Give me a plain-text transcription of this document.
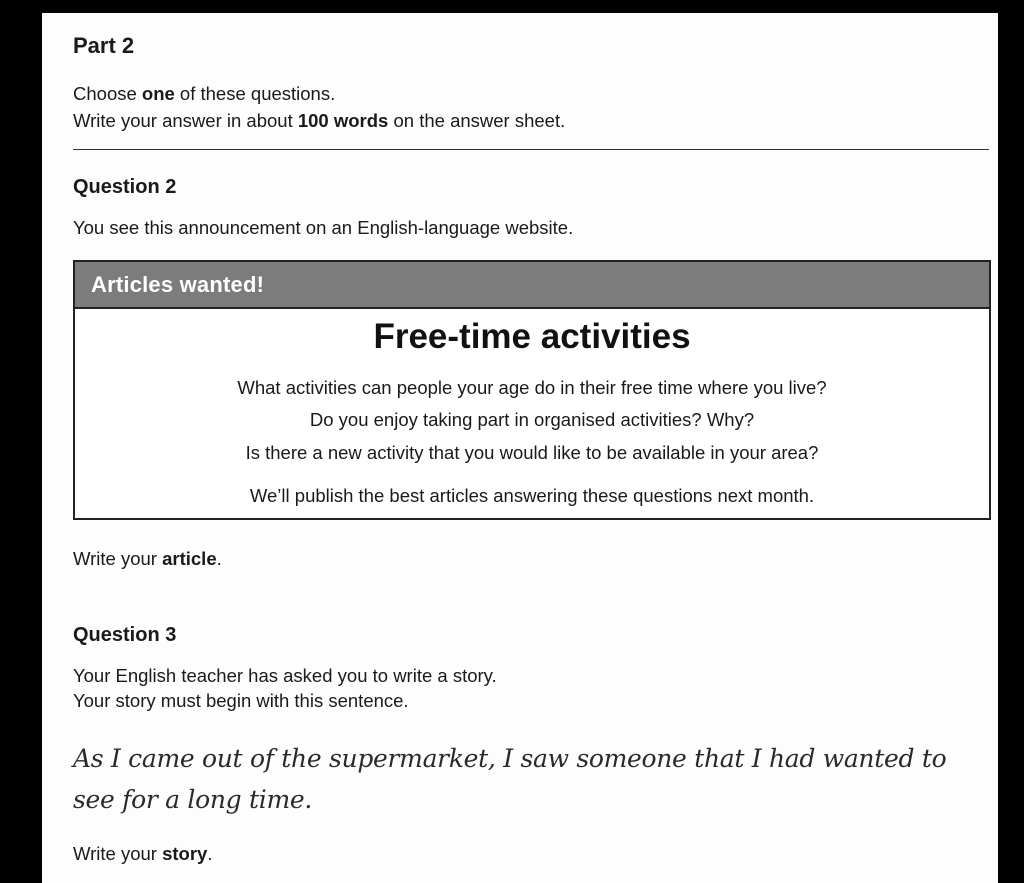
Part 2
Choose one of these questions.
Write your answer in about 100 words on the answer sheet.
Question 2
You see this announcement on an English-language website.
Articles wanted!
Free-time activities
What activities can people your age do in their free time where you live?
Do you enjoy taking part in organised activities? Why?
Is there a new activity that you would like to be available in your area?
We’ll publish the best articles answering these questions next month.
Write your article.
Question 3
Your English teacher has asked you to write a story.
Your story must begin with this sentence.
As I came out of the supermarket, I saw someone that I had wanted to
see for a long time.
Write your story.
